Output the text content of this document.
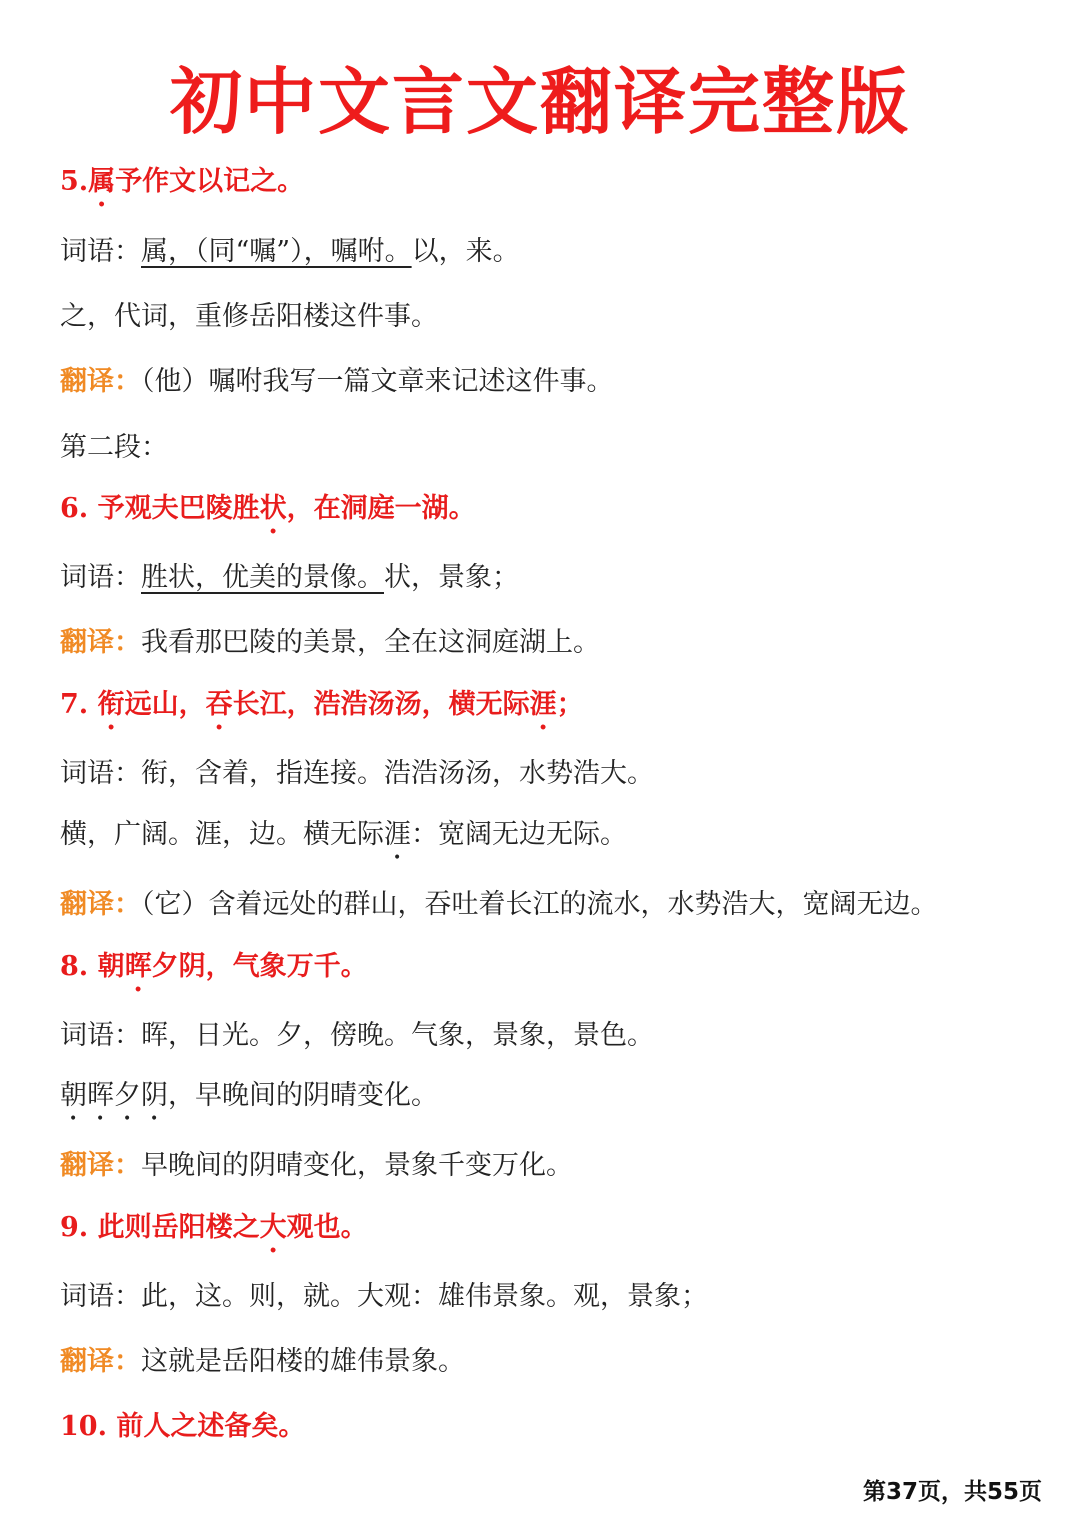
初中文言文翻译完整版
5.属予作文以记之。
词语：属，（同“嘱”），嘱咐。以，来。
之，代词，重修岳阳楼这件事。
翻译：（他）嘱咐我写一篇文章来记述这件事。
第二段：
6. 予观夫巴陵胜状，在洞庭一湖。
词语：胜状，优美的景像。状，景象；
翻译：我看那巴陵的美景，全在这洞庭湖上。
7. 衔远山，吞长江，浩浩汤汤，横无际涯；
词语：衔，含着，指连接。浩浩汤汤，水势浩大。
横，广阔。涯，边。横无际涯：宽阔无边无际。
翻译：（它）含着远处的群山，吞吐着长江的流水，水势浩大，宽阔无边。
8. 朝晖夕阴，气象万千。
词语：晖，日光。夕，傍晚。气象，景象，景色。
朝晖夕阴，早晚间的阴晴变化。
翻译：早晚间的阴晴变化，景象千变万化。
9. 此则岳阳楼之大观也。
词语：此，这。则，就。大观：雄伟景象。观，景象；
翻译：这就是岳阳楼的雄伟景象。
10. 前人之述备矣。
第37页，共55页
